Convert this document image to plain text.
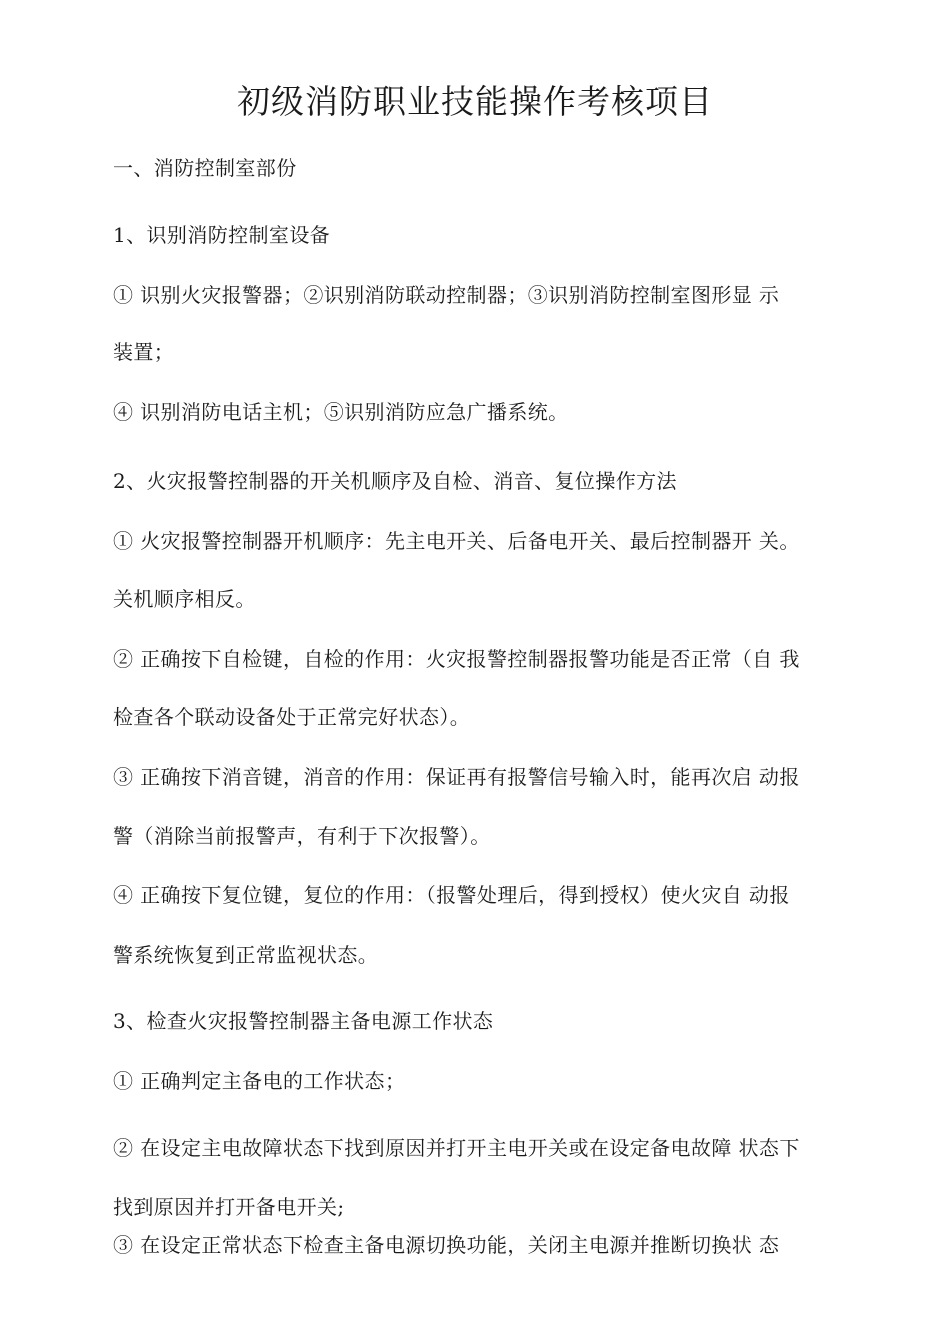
初级消防职业技能操作考核项目
一、消防控制室部份
1、识别消防控制室设备
① 识别火灾报警器；②识别消防联动控制器；③识别消防控制室图形显 示
装置；
④ 识别消防电话主机；⑤识别消防应急广播系统。
2、火灾报警控制器的开关机顺序及自检、消音、复位操作方法
① 火灾报警控制器开机顺序：先主电开关、后备电开关、最后控制器开 关。
关机顺序相反。
② 正确按下自检键，自检的作用：火灾报警控制器报警功能是否正常（自 我
检查各个联动设备处于正常完好状态）。
③ 正确按下消音键，消音的作用：保证再有报警信号输入时，能再次启 动报
警（消除当前报警声，有利于下次报警）。
④ 正确按下复位键，复位的作用：（报警处理后，得到授权）使火灾自 动报
警系统恢复到正常监视状态。
3、检查火灾报警控制器主备电源工作状态
① 正确判定主备电的工作状态；
② 在设定主电故障状态下找到原因并打开主电开关或在设定备电故障 状态下
找到原因并打开备电开关;
③ 在设定正常状态下检查主备电源切换功能，关闭主电源并推断切换状 态
